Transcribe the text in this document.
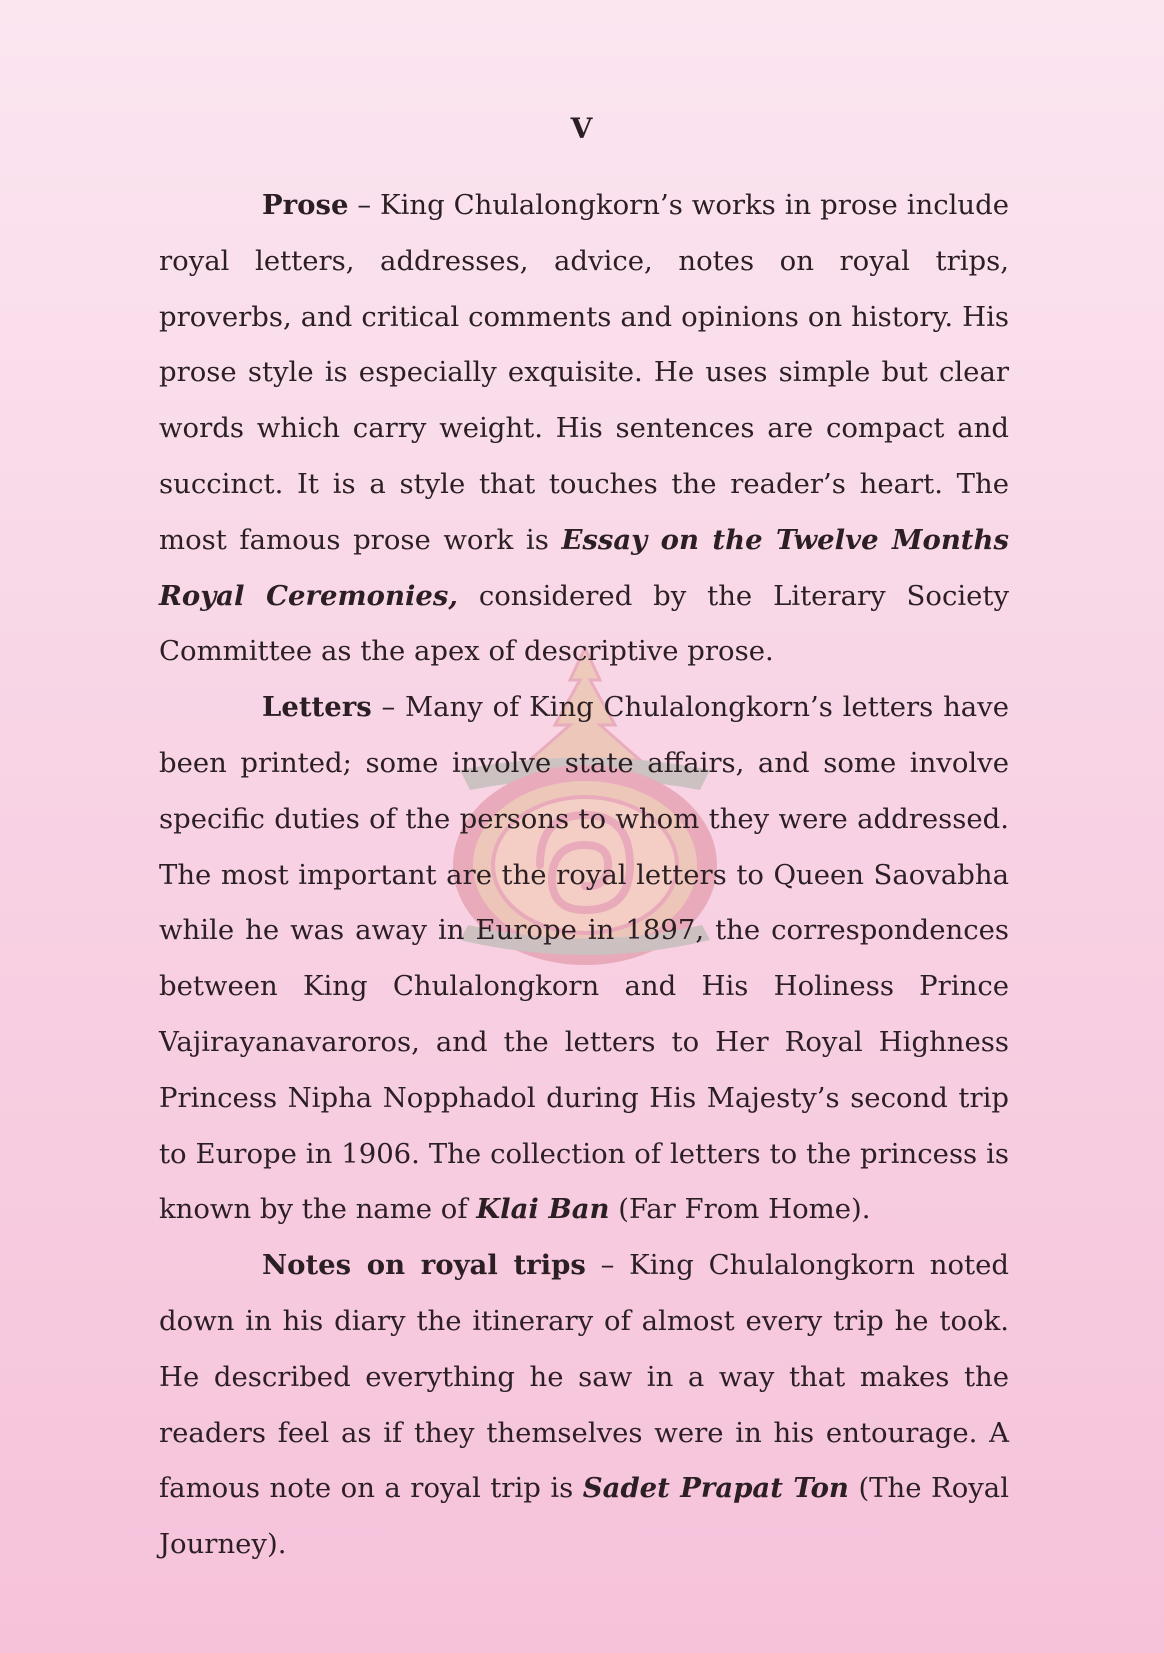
V

Prose – King Chulalongkorn’s works in prose include royal letters, addresses, advice, notes on royal trips, proverbs, and critical comments and opinions on history. His prose style is especially exquisite. He uses simple but clear words which carry weight. His sentences are compact and succinct. It is a style that touches the reader’s heart. The most famous prose work is Essay on the Twelve Months Royal Ceremonies, considered by the Literary Society Committee as the apex of descriptive prose.

Letters – Many of King Chulalongkorn’s letters have been printed; some involve state affairs, and some involve specific duties of the persons to whom they were addressed. The most important are the royal letters to Queen Saovabha while he was away in Europe in 1897, the correspondences between King Chulalongkorn and His Holiness Prince Vajirayanavaroros, and the letters to Her Royal Highness Princess Nipha Nopphadol during His Majesty’s second trip to Europe in 1906. The collection of letters to the princess is known by the name of Klai Ban (Far From Home).

Notes on royal trips – King Chulalongkorn noted down in his diary the itinerary of almost every trip he took. He described everything he saw in a way that makes the readers feel as if they themselves were in his entourage. A famous note on a royal trip is Sadet Prapat Ton (The Royal Journey).
